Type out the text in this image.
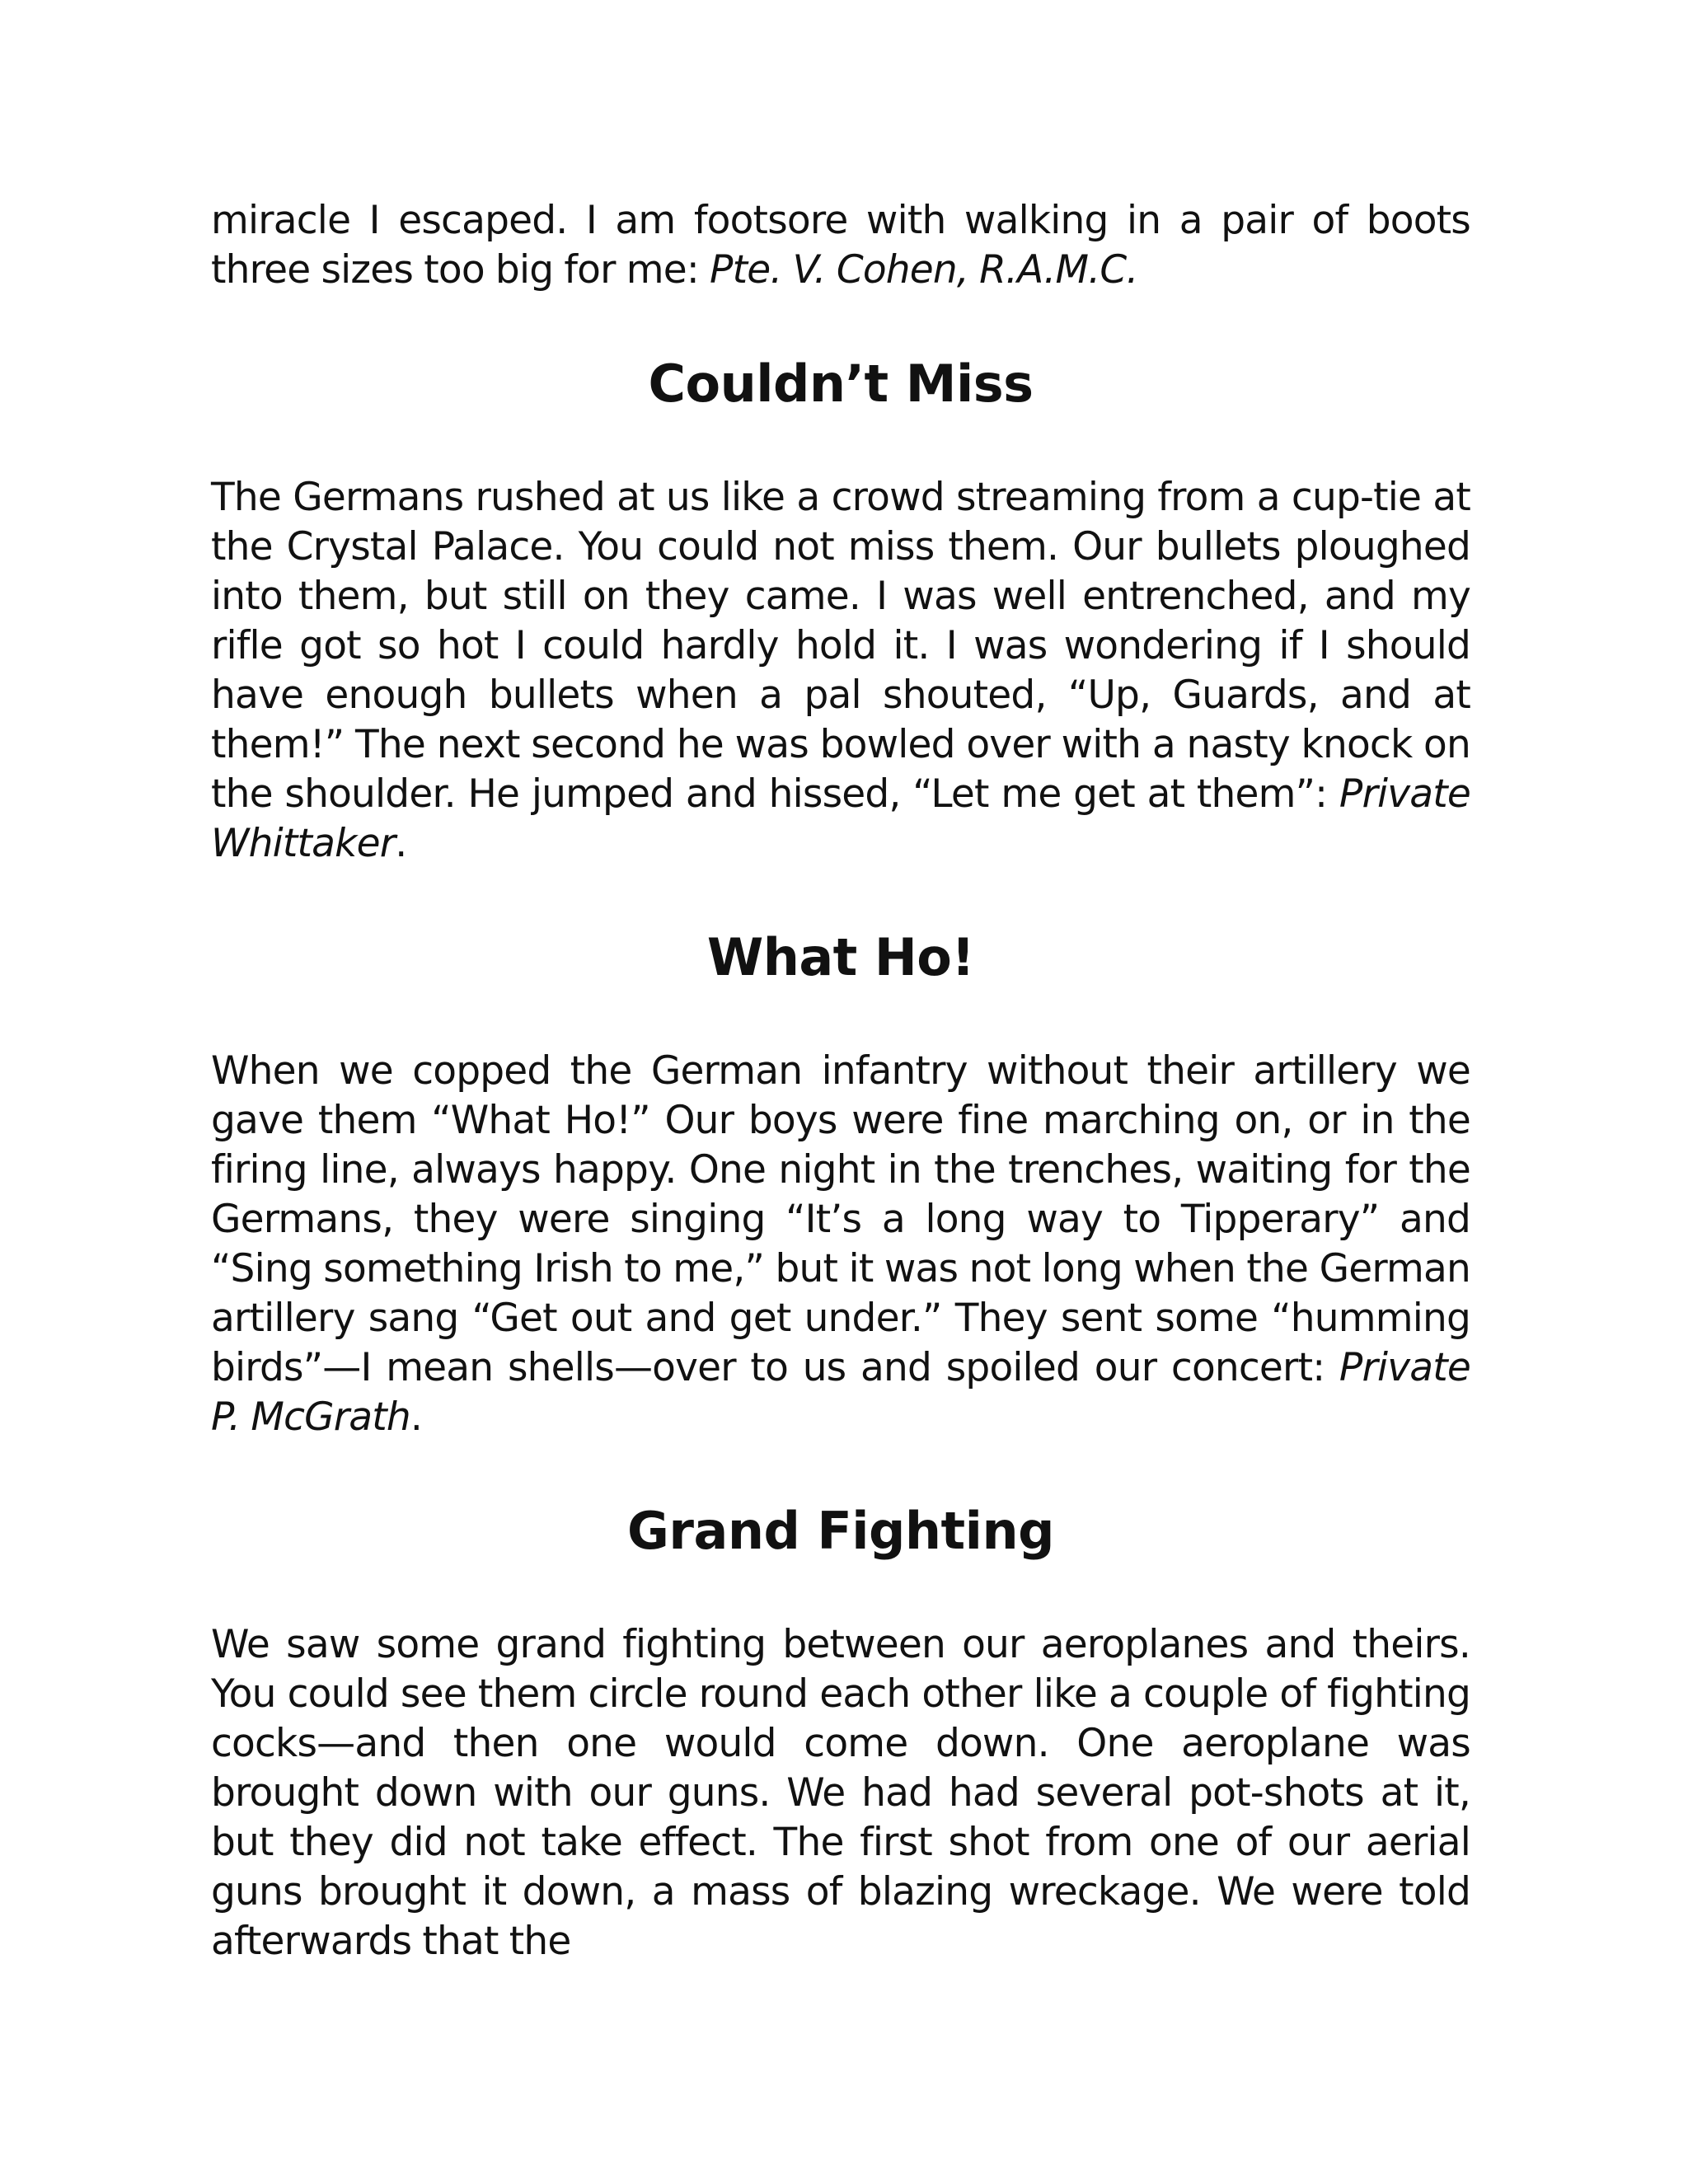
miracle I escaped. I am footsore with walking in a pair of boots three sizes too big for me: Pte. V. Cohen, R.A.M.C.

Couldn’t Miss

The Germans rushed at us like a crowd streaming from a cup-tie at the Crystal Palace. You could not miss them. Our bullets ploughed into them, but still on they came. I was well entrenched, and my rifle got so hot I could hardly hold it. I was wondering if I should have enough bullets when a pal shouted, “Up, Guards, and at them!” The next second he was bowled over with a nasty knock on the shoulder. He jumped and hissed, “Let me get at them”: Private Whittaker.

What Ho!

When we copped the German infantry without their artillery we gave them “What Ho!” Our boys were fine marching on, or in the firing line, always happy. One night in the trenches, waiting for the Germans, they were singing “It’s a long way to Tipperary” and “Sing something Irish to me,” but it was not long when the German artillery sang “Get out and get under.” They sent some “humming birds”—I mean shells—over to us and spoiled our concert: Private P. McGrath.

Grand Fighting

We saw some grand fighting between our aeroplanes and theirs. You could see them circle round each other like a couple of fighting cocks—and then one would come down. One aeroplane was brought down with our guns. We had had several pot-shots at it, but they did not take effect. The first shot from one of our aerial guns brought it down, a mass of blazing wreckage. We were told afterwards that the
